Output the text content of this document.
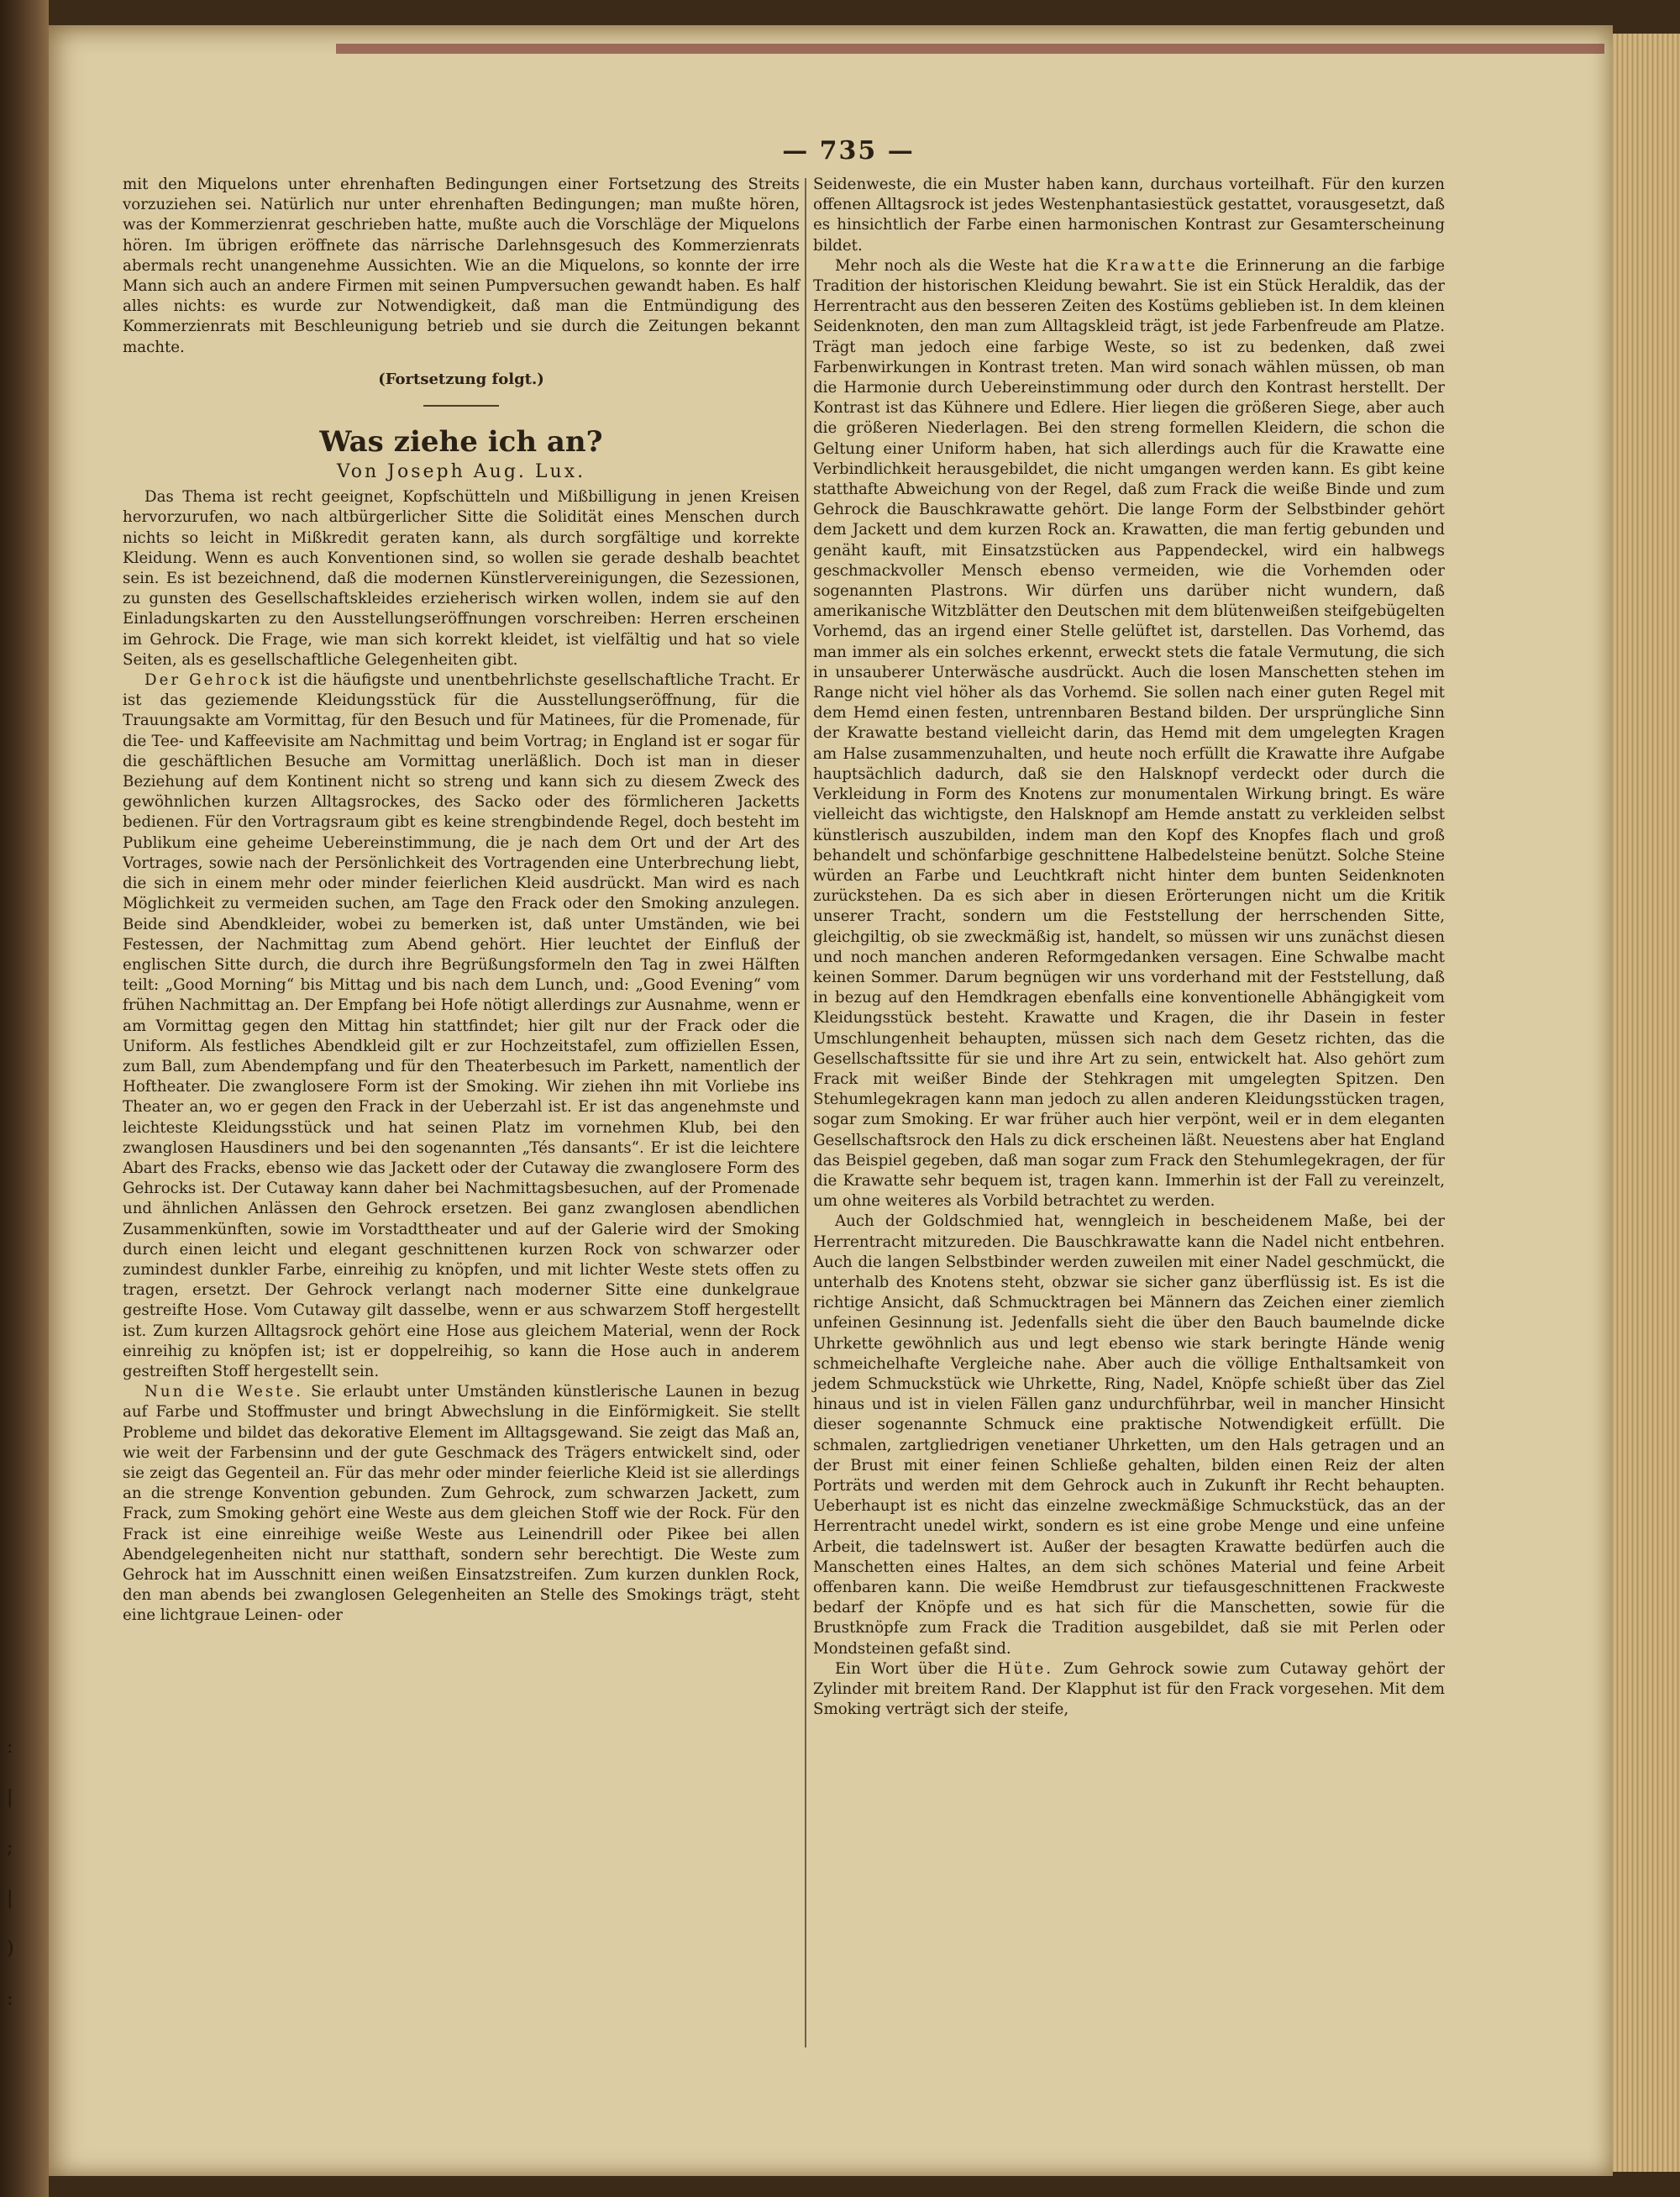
— 735 —

mit den Miquelons unter ehrenhaften Bedingungen einer Fortsetzung des Streits vorzuziehen sei. Natürlich nur unter ehrenhaften Bedingungen; man mußte hören, was der Kommerzienrat geschrieben hatte, mußte auch die Vorschläge der Miquelons hören. Im übrigen eröffnete das närrische Darlehnsgesuch des Kommerzienrats abermals recht unangenehme Aussichten. Wie an die Miquelons, so konnte der irre Mann sich auch an andere Firmen mit seinen Pumpversuchen gewandt haben. Es half alles nichts: es wurde zur Notwendigkeit, daß man die Entmündigung des Kommerzienrats mit Beschleunigung betrieb und sie durch die Zeitungen bekannt machte.

(Fortsetzung folgt.)
Was ziehe ich an?
Von Joseph Aug. Lux.

Das Thema ist recht geeignet, Kopfschütteln und Mißbilligung in jenen Kreisen hervorzurufen, wo nach altbürgerlicher Sitte die Solidität eines Menschen durch nichts so leicht in Mißkredit geraten kann, als durch sorgfältige und korrekte Kleidung. Wenn es auch Konventionen sind, so wollen sie gerade deshalb beachtet sein. Es ist bezeichnend, daß die modernen Künstlervereinigungen, die Sezessionen, zu gunsten des Gesellschaftskleides erzieherisch wirken wollen, indem sie auf den Einladungskarten zu den Ausstellungseröffnungen vorschreiben: Herren erscheinen im Gehrock. Die Frage, wie man sich korrekt kleidet, ist vielfältig und hat so viele Seiten, als es gesellschaftliche Gelegenheiten gibt.

Der Gehrock ist die häufigste und unentbehrlichste gesellschaftliche Tracht. Er ist das geziemende Kleidungsstück für die Ausstellungseröffnung, für die Trauungsakte am Vormittag, für den Besuch und für Matinees, für die Promenade, für die Tee- und Kaffeevisite am Nachmittag und beim Vortrag; in England ist er sogar für die geschäftlichen Besuche am Vormittag unerläßlich. Doch ist man in dieser Beziehung auf dem Kontinent nicht so streng und kann sich zu diesem Zweck des gewöhnlichen kurzen Alltagsrockes, des Sacko oder des förmlicheren Jacketts bedienen. Für den Vortragsraum gibt es keine strengbindende Regel, doch besteht im Publikum eine geheime Uebereinstimmung, die je nach dem Ort und der Art des Vortrages, sowie nach der Persönlichkeit des Vortragenden eine Unterbrechung liebt, die sich in einem mehr oder minder feierlichen Kleid ausdrückt. Man wird es nach Möglichkeit zu vermeiden suchen, am Tage den Frack oder den Smoking anzulegen. Beide sind Abendkleider, wobei zu bemerken ist, daß unter Umständen, wie bei Festessen, der Nachmittag zum Abend gehört. Hier leuchtet der Einfluß der englischen Sitte durch, die durch ihre Begrüßungsformeln den Tag in zwei Hälften teilt: „Good Morning“ bis Mittag und bis nach dem Lunch, und: „Good Evening“ vom frühen Nachmittag an. Der Empfang bei Hofe nötigt allerdings zur Ausnahme, wenn er am Vormittag gegen den Mittag hin stattfindet; hier gilt nur der Frack oder die Uniform. Als festliches Abendkleid gilt er zur Hochzeitstafel, zum offiziellen Essen, zum Ball, zum Abendempfang und für den Theaterbesuch im Parkett, namentlich der Hoftheater. Die zwanglosere Form ist der Smoking. Wir ziehen ihn mit Vorliebe ins Theater an, wo er gegen den Frack in der Ueberzahl ist. Er ist das angenehmste und leichteste Kleidungsstück und hat seinen Platz im vornehmen Klub, bei den zwanglosen Hausdiners und bei den sogenannten „Tés dansants“. Er ist die leichtere Abart des Fracks, ebenso wie das Jackett oder der Cutaway die zwanglosere Form des Gehrocks ist. Der Cutaway kann daher bei Nachmittagsbesuchen, auf der Promenade und ähnlichen Anlässen den Gehrock ersetzen. Bei ganz zwanglosen abendlichen Zusammenkünften, sowie im Vorstadttheater und auf der Galerie wird der Smoking durch einen leicht und elegant geschnittenen kurzen Rock von schwarzer oder zumindest dunkler Farbe, einreihig zu knöpfen, und mit lichter Weste stets offen zu tragen, ersetzt. Der Gehrock verlangt nach moderner Sitte eine dunkelgraue gestreifte Hose. Vom Cutaway gilt dasselbe, wenn er aus schwarzem Stoff hergestellt ist. Zum kurzen Alltagsrock gehört eine Hose aus gleichem Material, wenn der Rock einreihig zu knöpfen ist; ist er doppelreihig, so kann die Hose auch in anderem gestreiften Stoff hergestellt sein.

Nun die Weste. Sie erlaubt unter Umständen künstlerische Launen in bezug auf Farbe und Stoffmuster und bringt Abwechslung in die Einförmigkeit. Sie stellt Probleme und bildet das dekorative Element im Alltagsgewand. Sie zeigt das Maß an, wie weit der Farbensinn und der gute Geschmack des Trägers entwickelt sind, oder sie zeigt das Gegenteil an. Für das mehr oder minder feierliche Kleid ist sie allerdings an die strenge Konvention gebunden. Zum Gehrock, zum schwarzen Jackett, zum Frack, zum Smoking gehört eine Weste aus dem gleichen Stoff wie der Rock. Für den Frack ist eine einreihige weiße Weste aus Leinendrill oder Pikee bei allen Abendgelegenheiten nicht nur statthaft, sondern sehr berechtigt. Die Weste zum Gehrock hat im Ausschnitt einen weißen Einsatzstreifen. Zum kurzen dunklen Rock, den man abends bei zwanglosen Gelegenheiten an Stelle des Smokings trägt, steht eine lichtgraue Leinen- oder

Seidenweste, die ein Muster haben kann, durchaus vorteilhaft. Für den kurzen offenen Alltagsrock ist jedes Westenphantasiestück gestattet, vorausgesetzt, daß es hinsichtlich der Farbe einen harmonischen Kontrast zur Gesamterscheinung bildet.

Mehr noch als die Weste hat die Krawatte die Erinnerung an die farbige Tradition der historischen Kleidung bewahrt. Sie ist ein Stück Heraldik, das der Herrentracht aus den besseren Zeiten des Kostüms geblieben ist. In dem kleinen Seidenknoten, den man zum Alltagskleid trägt, ist jede Farbenfreude am Platze. Trägt man jedoch eine farbige Weste, so ist zu bedenken, daß zwei Farbenwirkungen in Kontrast treten. Man wird sonach wählen müssen, ob man die Harmonie durch Uebereinstimmung oder durch den Kontrast herstellt. Der Kontrast ist das Kühnere und Edlere. Hier liegen die größeren Siege, aber auch die größeren Niederlagen. Bei den streng formellen Kleidern, die schon die Geltung einer Uniform haben, hat sich allerdings auch für die Krawatte eine Verbindlichkeit herausgebildet, die nicht umgangen werden kann. Es gibt keine statthafte Abweichung von der Regel, daß zum Frack die weiße Binde und zum Gehrock die Bauschkrawatte gehört. Die lange Form der Selbstbinder gehört dem Jackett und dem kurzen Rock an. Krawatten, die man fertig gebunden und genäht kauft, mit Einsatzstücken aus Pappendeckel, wird ein halbwegs geschmackvoller Mensch ebenso vermeiden, wie die Vorhemden oder sogenannten Plastrons. Wir dürfen uns darüber nicht wundern, daß amerikanische Witzblätter den Deutschen mit dem blütenweißen steifgebügelten Vorhemd, das an irgend einer Stelle gelüftet ist, darstellen. Das Vorhemd, das man immer als ein solches erkennt, erweckt stets die fatale Vermutung, die sich in unsauberer Unterwäsche ausdrückt. Auch die losen Manschetten stehen im Range nicht viel höher als das Vorhemd. Sie sollen nach einer guten Regel mit dem Hemd einen festen, untrennbaren Bestand bilden. Der ursprüngliche Sinn der Krawatte bestand vielleicht darin, das Hemd mit dem umgelegten Kragen am Halse zusammenzuhalten, und heute noch erfüllt die Krawatte ihre Aufgabe hauptsächlich dadurch, daß sie den Halsknopf verdeckt oder durch die Verkleidung in Form des Knotens zur monumentalen Wirkung bringt. Es wäre vielleicht das wichtigste, den Halsknopf am Hemde anstatt zu verkleiden selbst künstlerisch auszubilden, indem man den Kopf des Knopfes flach und groß behandelt und schönfarbige geschnittene Halbedelsteine benützt. Solche Steine würden an Farbe und Leuchtkraft nicht hinter dem bunten Seidenknoten zurückstehen. Da es sich aber in diesen Erörterungen nicht um die Kritik unserer Tracht, sondern um die Feststellung der herrschenden Sitte, gleichgiltig, ob sie zweckmäßig ist, handelt, so müssen wir uns zunächst diesen und noch manchen anderen Reformgedanken versagen. Eine Schwalbe macht keinen Sommer. Darum begnügen wir uns vorderhand mit der Feststellung, daß in bezug auf den Hemdkragen ebenfalls eine konventionelle Abhängigkeit vom Kleidungsstück besteht. Krawatte und Kragen, die ihr Dasein in fester Umschlungenheit behaupten, müssen sich nach dem Gesetz richten, das die Gesellschaftssitte für sie und ihre Art zu sein, entwickelt hat. Also gehört zum Frack mit weißer Binde der Stehkragen mit umgelegten Spitzen. Den Stehumlegekragen kann man jedoch zu allen anderen Kleidungsstücken tragen, sogar zum Smoking. Er war früher auch hier verpönt, weil er in dem eleganten Gesellschaftsrock den Hals zu dick erscheinen läßt. Neuestens aber hat England das Beispiel gegeben, daß man sogar zum Frack den Stehumlegekragen, der für die Krawatte sehr bequem ist, tragen kann. Immerhin ist der Fall zu vereinzelt, um ohne weiteres als Vorbild betrachtet zu werden.

Auch der Goldschmied hat, wenngleich in bescheidenem Maße, bei der Herrentracht mitzureden. Die Bauschkrawatte kann die Nadel nicht entbehren. Auch die langen Selbstbinder werden zuweilen mit einer Nadel geschmückt, die unterhalb des Knotens steht, obzwar sie sicher ganz überflüssig ist. Es ist die richtige Ansicht, daß Schmucktragen bei Männern das Zeichen einer ziemlich unfeinen Gesinnung ist. Jedenfalls sieht die über den Bauch baumelnde dicke Uhrkette gewöhnlich aus und legt ebenso wie stark beringte Hände wenig schmeichelhafte Vergleiche nahe. Aber auch die völlige Enthaltsamkeit von jedem Schmuckstück wie Uhrkette, Ring, Nadel, Knöpfe schießt über das Ziel hinaus und ist in vielen Fällen ganz undurchführbar, weil in mancher Hinsicht dieser sogenannte Schmuck eine praktische Notwendigkeit erfüllt. Die schmalen, zartgliedrigen venetianer Uhrketten, um den Hals getragen und an der Brust mit einer feinen Schließe gehalten, bilden einen Reiz der alten Porträts und werden mit dem Gehrock auch in Zukunft ihr Recht behaupten. Ueberhaupt ist es nicht das einzelne zweckmäßige Schmuckstück, das an der Herrentracht unedel wirkt, sondern es ist eine grobe Menge und eine unfeine Arbeit, die tadelnswert ist. Außer der besagten Krawatte bedürfen auch die Manschetten eines Haltes, an dem sich schönes Material und feine Arbeit offenbaren kann. Die weiße Hemdbrust zur tiefausgeschnittenen Frackweste bedarf der Knöpfe und es hat sich für die Manschetten, sowie für die Brustknöpfe zum Frack die Tradition ausgebildet, daß sie mit Perlen oder Mondsteinen gefaßt sind.

Ein Wort über die Hüte. Zum Gehrock sowie zum Cutaway gehört der Zylinder mit breitem Rand. Der Klapphut ist für den Frack vorgesehen. Mit dem Smoking verträgt sich der steife,

:
|
;
|
)
:
